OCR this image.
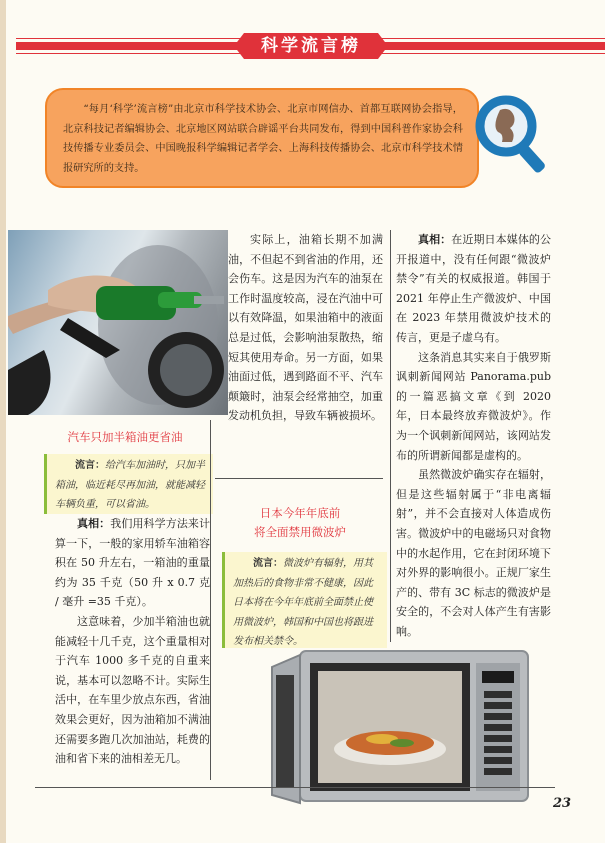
科学流言榜

“每月‘科学’流言榜”由北京市科学技术协会、北京市网信办、首都互联网协会指导，北京科技记者编辑协会、北京地区网站联合辟谣平台共同发布，得到中国科普作家协会科技传播专业委员会、中国晚报科学编辑记者学会、上海科技传播协会、北京市科学技术情报研究所的支持。

汽车只加半箱油更省油

流言：给汽车加油时，只加半箱油，临近耗尽再加油，就能减轻车辆负重，可以省油。

真相：我们用科学方法来计算一下，一般的家用轿车油箱容积在 50 升左右，一箱油的重量约为 35 千克（50 升 x 0.7 克 / 毫升 =35 千克）。

这意味着，少加半箱油也就能减轻十几千克，这个重量相对于汽车 1000 多千克的自重来说，基本可以忽略不计。实际生活中，在车里少放点东西，省油效果会更好，因为油箱加不满油还需要多跑几次加油站，耗费的油和省下来的油相差无几。

实际上，油箱长期不加满油，不但起不到省油的作用，还会伤车。这是因为汽车的油泵在工作时温度较高，浸在汽油中可以有效降温，如果油箱中的液面总是过低，会影响油泵散热，缩短其使用寿命。另一方面，如果油面过低，遇到路面不平、汽车颠簸时，油泵会经常抽空，加重发动机负担，导致车辆被损坏。

日本今年年底前
将全面禁用微波炉

流言：微波炉有辐射，用其加热后的食物非常不健康，因此日本将在今年年底前全面禁止使用微波炉，韩国和中国也将跟进发布相关禁令。

真相：在近期日本媒体的公开报道中，没有任何跟“微波炉禁令”有关的权威报道。韩国于 2021 年停止生产微波炉、中国在 2023 年禁用微波炉技术的传言，更是子虚乌有。

这条消息其实来自于俄罗斯讽刺新闻网站 Panorama.pub 的一篇恶搞文章《到 2020 年，日本最终放弃微波炉》。作为一个讽刺新闻网站，该网站发布的所谓新闻都是虚构的。

虽然微波炉确实存在辐射，但是这些辐射属于“非电离辐射”，并不会直接对人体造成伤害。微波炉中的电磁场只对食物中的水起作用，它在封闭环境下对外界的影响很小。正规厂家生产的、带有 3C 标志的微波炉是安全的，不会对人体产生有害影响。

23
